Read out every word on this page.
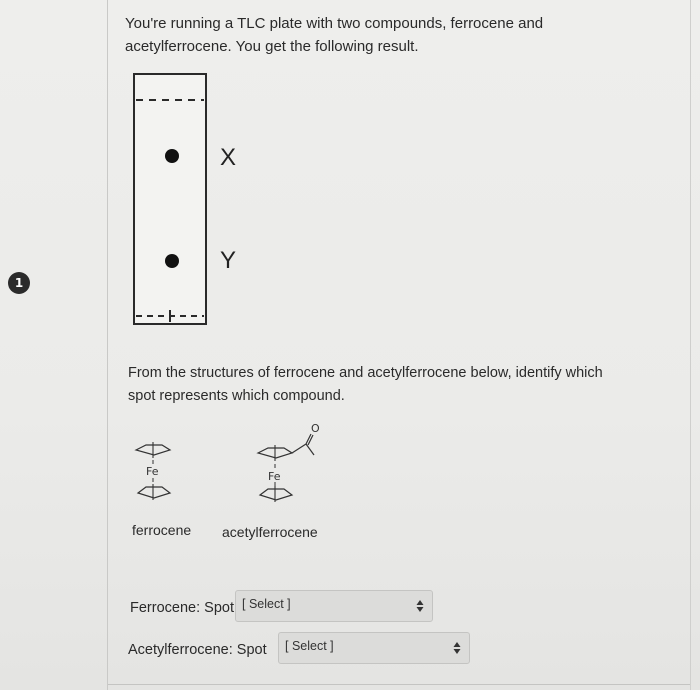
1
You're running a TLC plate with two compounds, ferrocene and acetylferrocene. You get the following result.
X
Y
From the structures of ferrocene and acetylferrocene below, identify which spot represents which compound.
Fe
O
Fe
ferrocene acetylferrocene
Ferrocene: Spot [ Select ]
Acetylferrocene: Spot [ Select ]
